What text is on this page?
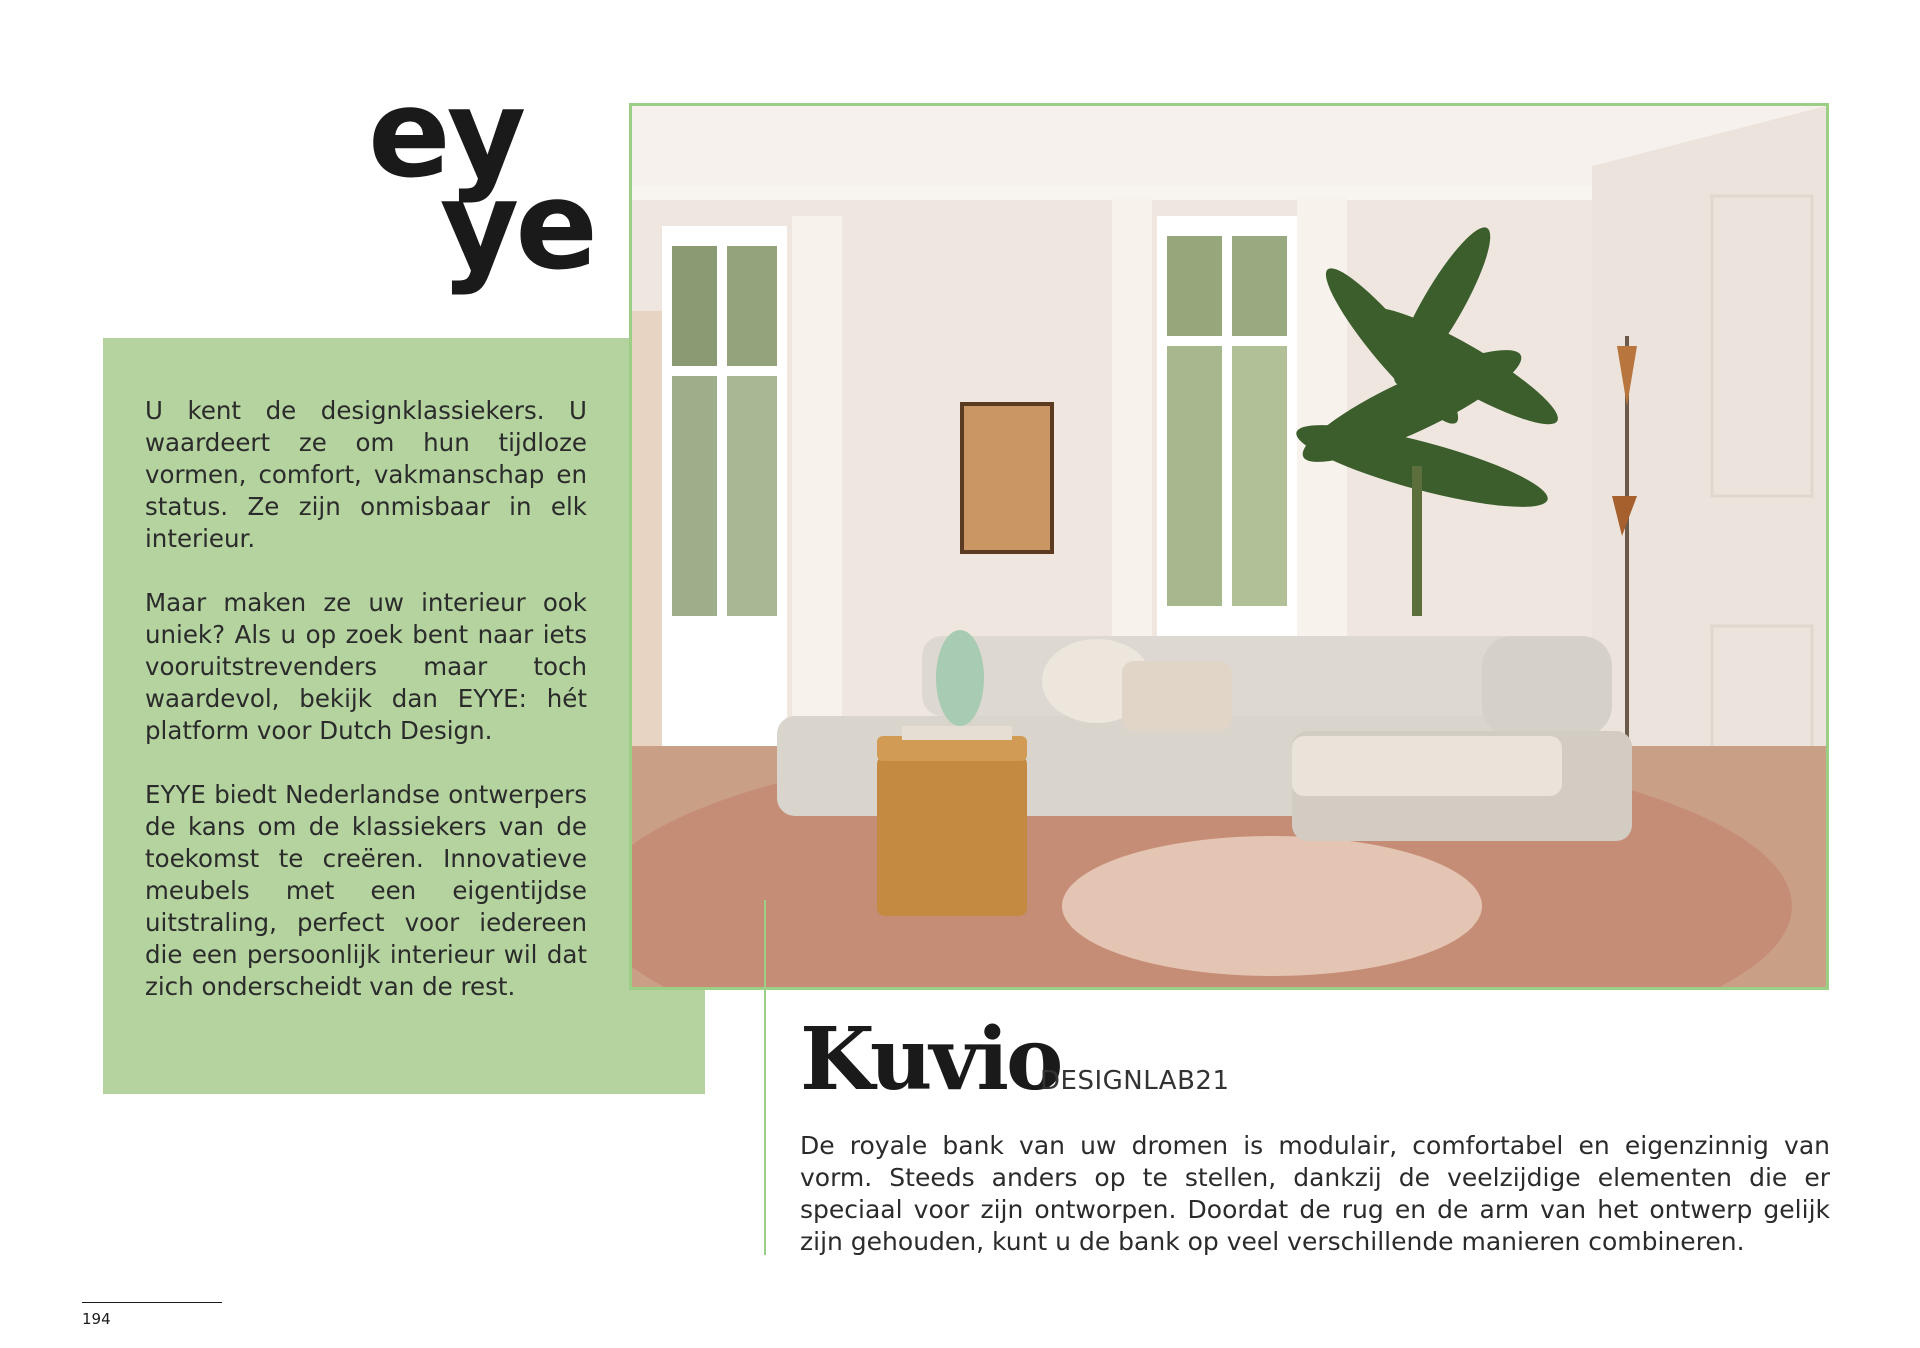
ey
ye

U kent de designklassiekers. U waardeert ze om hun tijdloze vormen, comfort, vakmanschap en status. Ze zijn onmisbaar in elk interieur.

Maar maken ze uw interieur ook uniek? Als u op zoek bent naar iets vooruitstrevenders maar toch waardevol, bekijk dan EYYE: hét platform voor Dutch Design.

EYYE biedt Nederlandse ontwerpers de kans om de klassiekers van de toekomst te creëren. Innovatieve meubels met een eigentijdse uitstraling, perfect voor iedereen die een persoonlijk interieur wil dat zich onderscheidt van de rest.

Kuvio
DESIGNLAB21
De royale bank van uw dromen is modulair, comfortabel en eigenzinnig van vorm. Steeds anders op te stellen, dankzij de veelzijdige elementen die er speciaal voor zijn ontworpen. Doordat de rug en de arm van het ontwerp gelijk zijn gehouden, kunt u de bank op veel verschillende manieren combineren.
194
